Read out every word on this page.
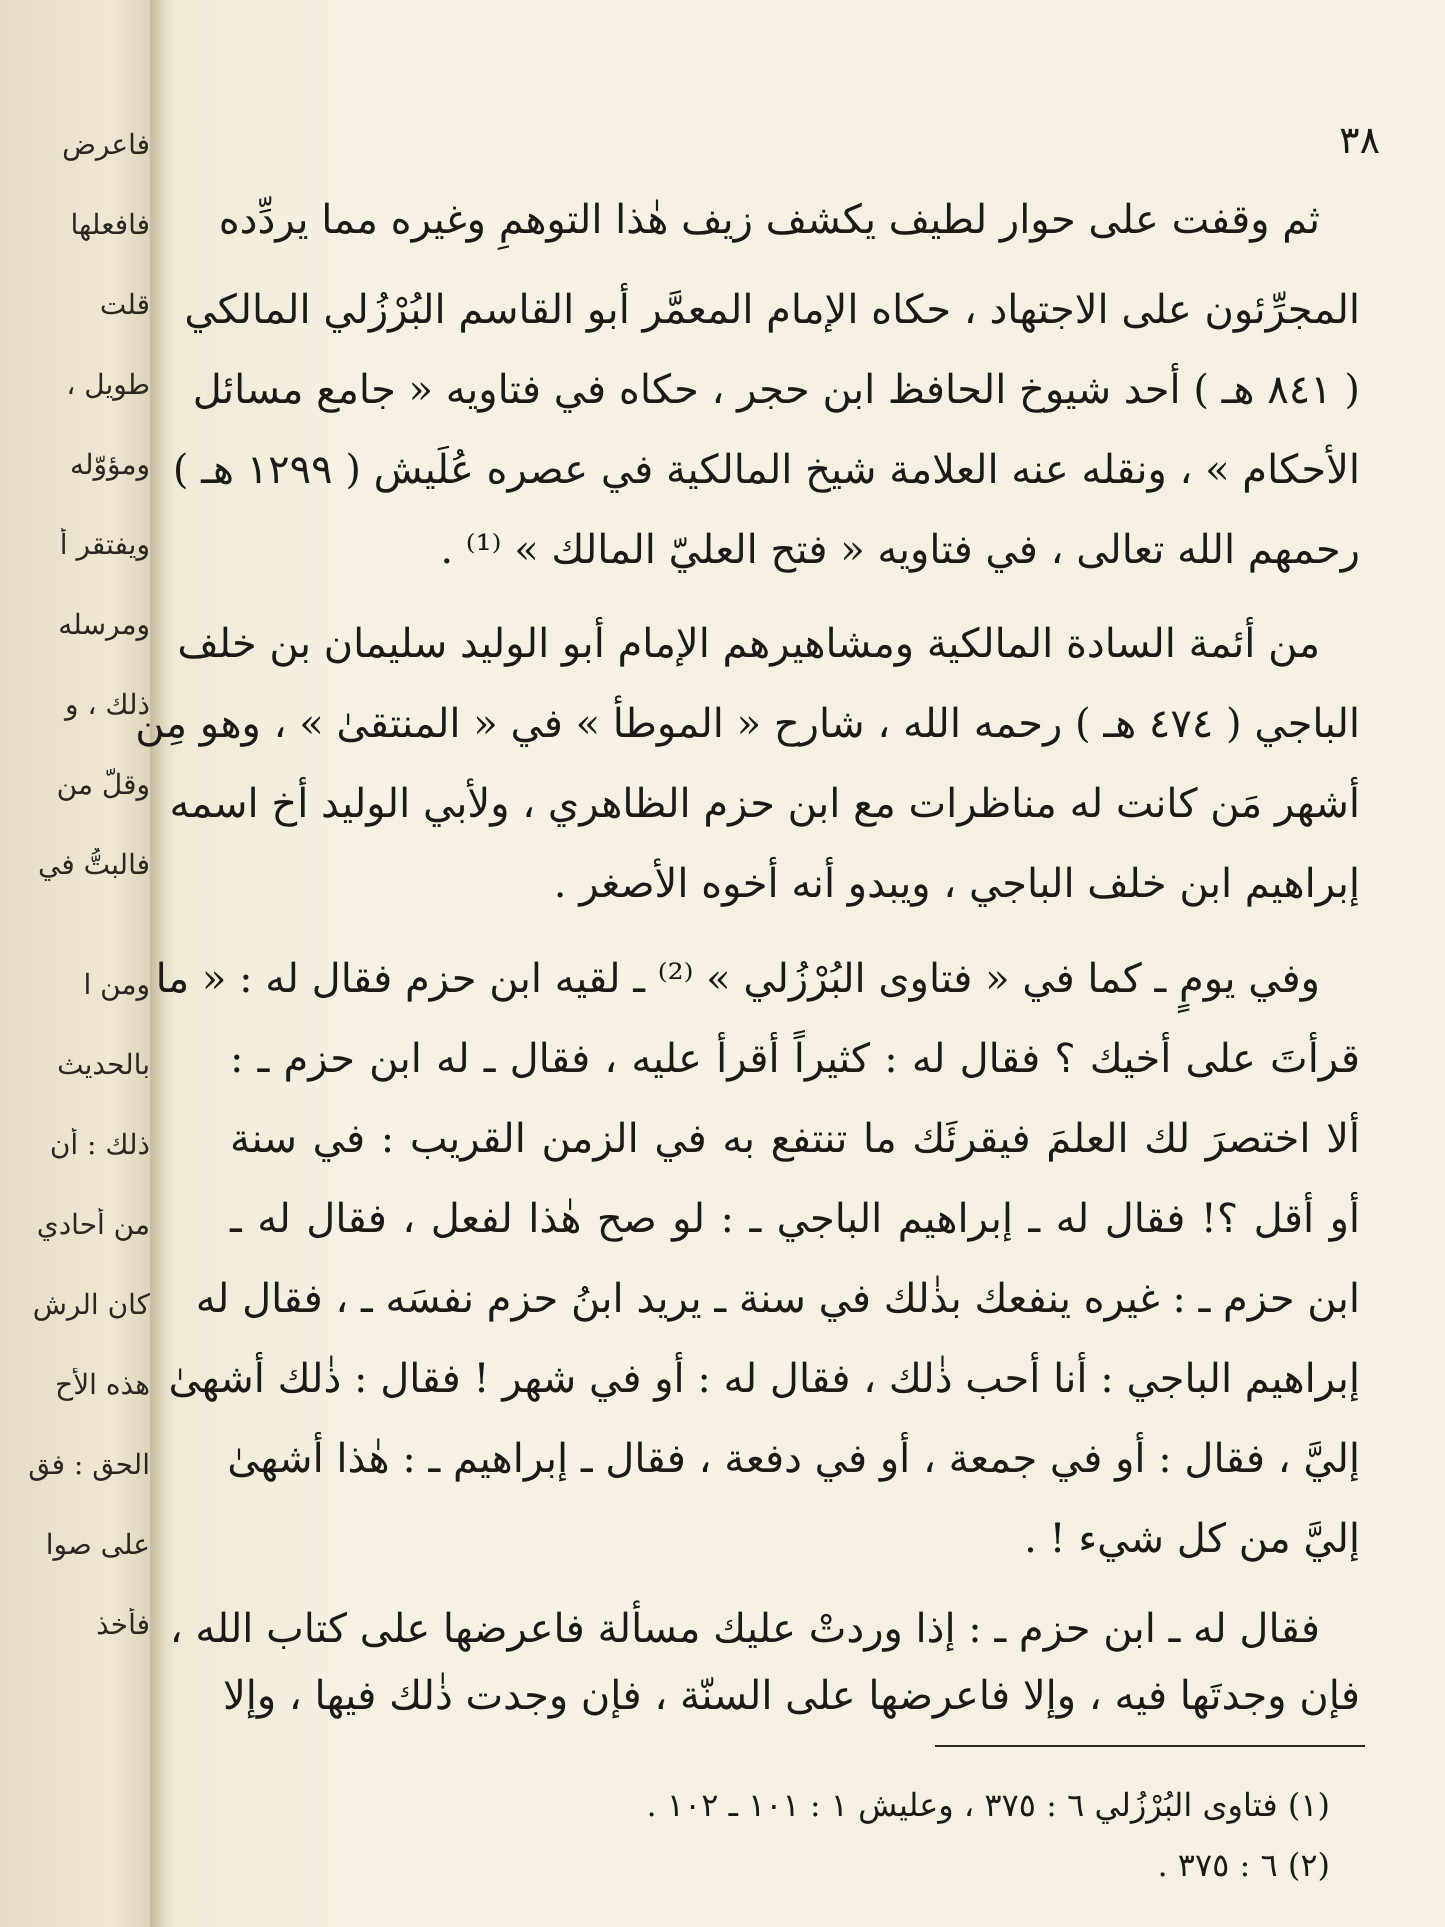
فاعرض
فافعلها
قلت
طويل ،
ومؤوّله
ويفتقر أ
ومرسله
ذلك ، و
وقلَّ من
فالبتُّ في
ومن ا
بالحديث
ذلك : أن
من أحادي
كان الرش
هذه الأح
الحق : فق
على صوا
فأخذ
٣٨
ثم وقفت على حوار لطيف يكشف زيف هٰذا التوهمِ وغيره مما يردِّده
المجرِّئون على الاجتهاد ، حكاه الإمام المعمَّر أبو القاسم البُرْزُلي المالكي
( ٨٤١ هـ ) أحد شيوخ الحافظ ابن حجر ، حكاه في فتاويه « جامع مسائل
الأحكام » ، ونقله عنه العلامة شيخ المالكية في عصره عُلَيش ( ١٢٩٩ هـ )
رحمهم الله تعالى ، في فتاويه « فتح العليّ المالك » ⁽¹⁾ .
من أئمة السادة المالكية ومشاهيرهم الإمام أبو الوليد سليمان بن خلف
الباجي ( ٤٧٤ هـ ) رحمه الله ، شارح « الموطأ » في « المنتقىٰ » ، وهو مِن
أشهر مَن كانت له مناظرات مع ابن حزم الظاهري ، ولأبي الوليد أخ اسمه
إبراهيم ابن خلف الباجي ، ويبدو أنه أخوه الأصغر .
وفي يومٍ ـ كما في « فتاوى البُرْزُلي » ⁽²⁾ ـ لقيه ابن حزم فقال له : « ما
قرأتَ على أخيك ؟ فقال له : كثيراً أقرأ عليه ، فقال ـ له ابن حزم ـ :
ألا اختصرَ لك العلمَ فيقرئَك ما تنتفع به في الزمن القريب : في سنة
أو أقل ؟! فقال له ـ إبراهيم الباجي ـ : لو صح هٰذا لفعل ، فقال له ـ
ابن حزم ـ : غيره ينفعك بذٰلك في سنة ـ يريد ابنُ حزم نفسَه ـ ، فقال له
إبراهيم الباجي : أنا أحب ذٰلك ، فقال له : أو في شهر ! فقال : ذٰلك أشهىٰ
إليَّ ، فقال : أو في جمعة ، أو في دفعة ، فقال ـ إبراهيم ـ : هٰذا أشهىٰ
إليَّ من كل شيء ! .
فقال له ـ ابن حزم ـ : إذا وردتْ عليك مسألة فاعرضها على كتاب الله ،
فإن وجدتَها فيه ، وإلا فاعرضها على السنّة ، فإن وجدت ذٰلك فيها ، وإلا
(١) فتاوى البُرْزُلي ٦ : ٣٧٥ ، وعليش ١ : ١٠١ ـ ١٠٢ .
(٢) ٦ : ٣٧٥ .
